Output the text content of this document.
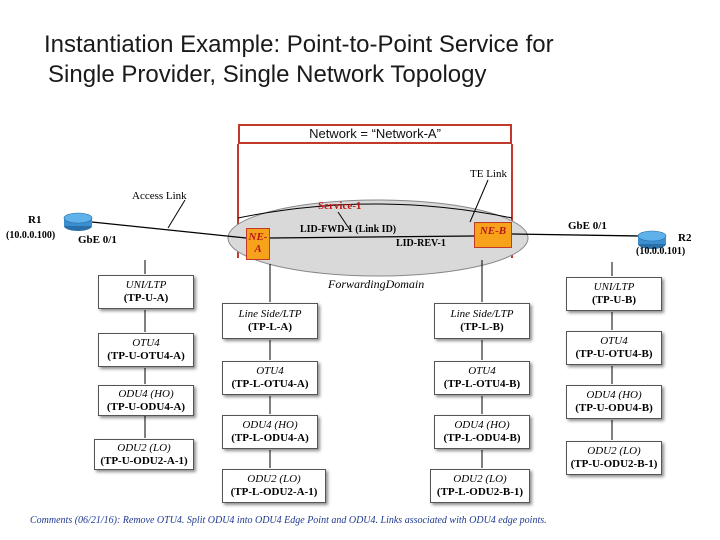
Instantiation Example: Point-to-Point Service for
Single Provider, Single Network Topology
Network = “Network-A”
TE Link
Access Link
Service-1
R1
(10.0.0.100) GbE 0/1
GbE 0/1
R2
(10.0.0.101)
LID-FWD-1 (Link ID)
LID-REV-1
ForwardingDomain
NE-A
NE-B
UNI/LTP
(TP-U-A)
OTU4
(TP-U-OTU4-A)
ODU4 (HO)
(TP-U-ODU4-A)
ODU2 (LO)
(TP-U-ODU2-A-1)
Line Side/LTP
(TP-L-A)
OTU4
(TP-L-OTU4-A)
ODU4 (HO)
(TP-L-ODU4-A)
ODU2 (LO)
(TP-L-ODU2-A-1)
Line Side/LTP
(TP-L-B)
OTU4
(TP-L-OTU4-B)
ODU4 (HO)
(TP-L-ODU4-B)
ODU2 (LO)
(TP-L-ODU2-B-1)
UNI/LTP
(TP-U-B)
OTU4
(TP-U-OTU4-B)
ODU4 (HO)
(TP-U-ODU4-B)
ODU2 (LO)
(TP-U-ODU2-B-1)
Comments (06/21/16): Remove OTU4. Split ODU4 into ODU4 Edge Point and ODU4. Links associated with ODU4 edge points.
